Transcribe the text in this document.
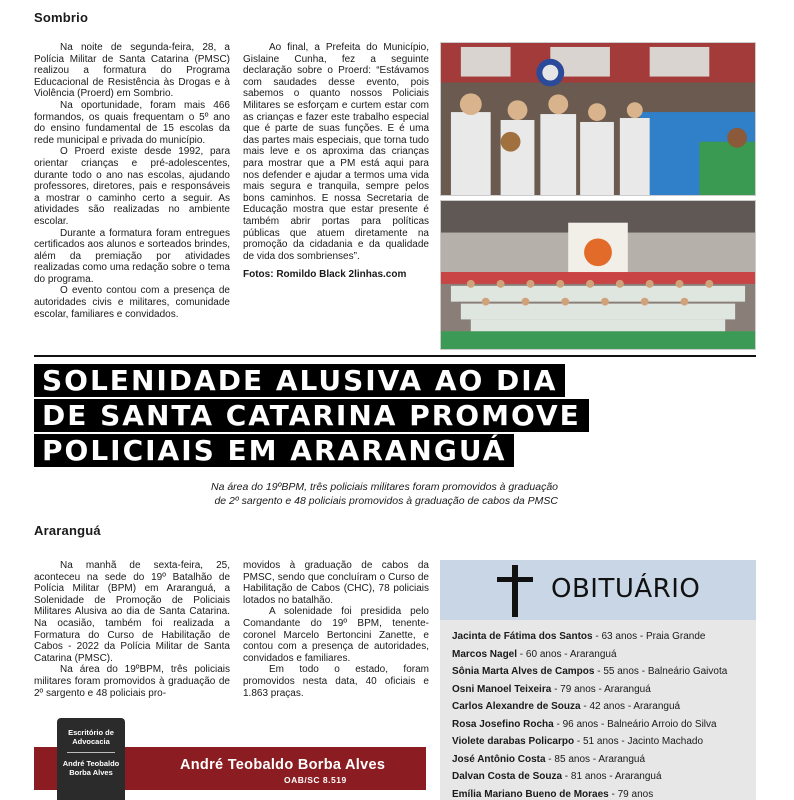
Sombrio

Na noite de segunda-feira, 28, a Polícia Militar de Santa Catarina (PMSC) realizou a formatura do Programa Educacional de Resistência às Drogas e à Violência (Proerd) em Sombrio.

Na oportunidade, foram mais 466 formandos, os quais frequentam o 5º ano do ensino fundamental de 15 escolas da rede municipal e privada do município.

O Proerd existe desde 1992, para orientar crianças e pré-adolescentes, durante todo o ano nas escolas, ajudando professores, diretores, pais e responsáveis a mostrar o caminho certo a seguir. As atividades são realizadas no ambiente escolar.

Durante a formatura foram entregues certificados aos alunos e sorteados brindes, além da premiação por atividades realizadas como uma redação sobre o tema do programa.

O evento contou com a presença de autoridades civis e militares, comunidade escolar, familiares e convidados.

Ao final, a Prefeita do Município, Gislaine Cunha, fez a seguinte declaração sobre o Proerd: “Estávamos com saudades desse evento, pois sabemos o quanto nossos Policiais Militares se esforçam e curtem estar com as crianças e fazer este trabalho especial que é parte de suas funções. E é uma das partes mais especiais, que torna tudo mais leve e os aproxima das crianças para mostrar que a PM está aqui para nos defender e ajudar a termos uma vida mais segura e tranquila, sempre pelos bons caminhos. E nossa Secretaria de Educação mostra que estar presente é também abrir portas para políticas públicas que atuem diretamente na promoção da cidadania e da qualidade de vida dos sombrienses”.

Fotos: Romildo Black 2linhas.com

SOLENIDADE ALUSIVA AO DIA
DE SANTA CATARINA PROMOVE
POLICIAIS EM ARARANGUÁ
Na área do 19ºBPM, três policiais militares foram promovidos à graduação
de 2º sargento e 48 policiais promovidos à graduação de cabos da PMSC
Araranguá

Na manhã de sexta-feira, 25, aconteceu na sede do 19º Batalhão de Polícia Militar (BPM) em Araranguá, a Solenidade de Promoção de Policiais Militares Alusiva ao dia de Santa Catarina. Na ocasião, também foi realizada a Formatura do Curso de Habilitação de Cabos - 2022 da Polícia Militar de Santa Catarina (PMSC).

Na área do 19ºBPM, três policiais militares foram promovidos à graduação de 2º sargento e 48 policiais pro-

movidos à graduação de cabos da PMSC, sendo que concluíram o Curso de Habilitação de Cabos (CHC), 78 policiais lotados no batalhão.

A solenidade foi presidida pelo Comandante do 19º BPM, tenente- coronel Marcelo Bertoncini Zanette, e contou com a presença de autoridades, convidados e familiares.

Em todo o estado, foram promovidos nesta data, 40 oficiais e 1.863 praças.

OBITUÁRIO
Jacinta de Fátima dos Santos - 63 anos - Praia Grande
Marcos Nagel - 60 anos - Araranguá
Sônia Marta Alves de Campos - 55 anos - Balneário Gaivota
Osni Manoel Teixeira - 79 anos - Araranguá
Carlos Alexandre de Souza - 42 anos - Araranguá
Rosa Josefino Rocha - 96 anos - Balneário Arroio do Silva
Violete darabas Policarpo - 51 anos - Jacinto Machado
José Antônio Costa - 85 anos - Araranguá
Dalvan Costa de Souza - 81 anos - Araranguá
Emília Mariano Bueno de Moraes - 79 anos
Escritório de
Advocacia
André Teobaldo
Borba Alves	André Teobaldo Borba Alves
OAB/SC 8.519
